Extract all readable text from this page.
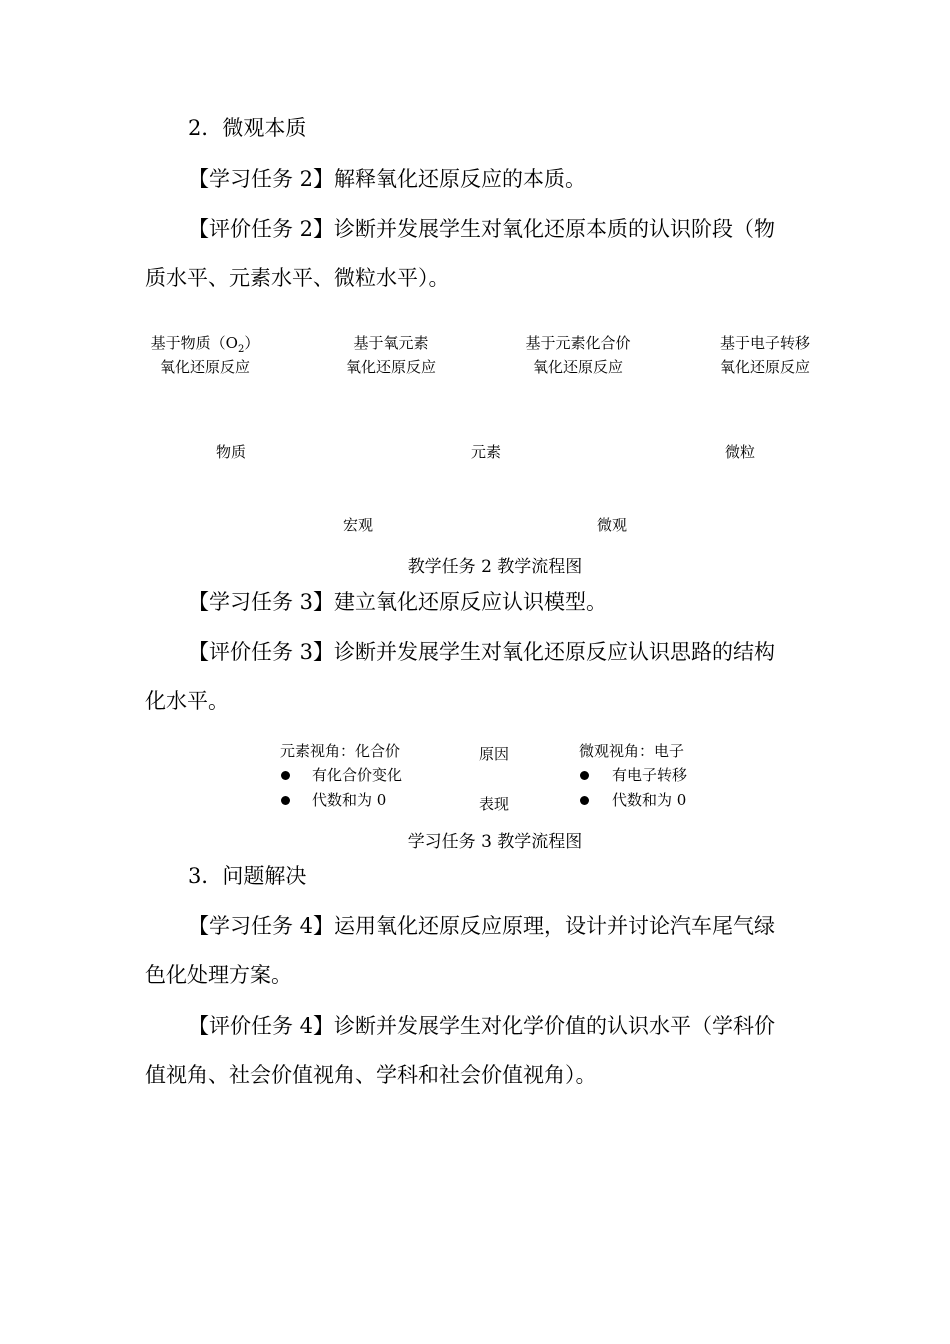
2．微观本质
【学习任务 2】解释氧化还原反应的本质。
【评价任务 2】诊断并发展学生对氧化还原本质的认识阶段（物
质水平、元素水平、微粒水平）。
基于物质$(O_2)$
氧化还原反应
基于氧元素
氧化还原反应
基于元素化合价
氧化还原反应
基于电子转移
氧化还原反应
物质	元素	微粒
宏观	微观
教学任务 2 教学流程图
【学习任务 3】建立氧化还原反应认识模型。
【评价任务 3】诊断并发展学生对氧化还原反应认识思路的结构
化水平。
元素视角：化合价
有化合价变化
代数和为 0
原因
表现
微观视角：电子
有电子转移
代数和为 0
学习任务 3 教学流程图
3．问题解决
【学习任务 4】运用氧化还原反应原理，设计并讨论汽车尾气绿
色化处理方案。
【评价任务 4】诊断并发展学生对化学价值的认识水平（学科价
值视角、社会价值视角、学科和社会价值视角）。
